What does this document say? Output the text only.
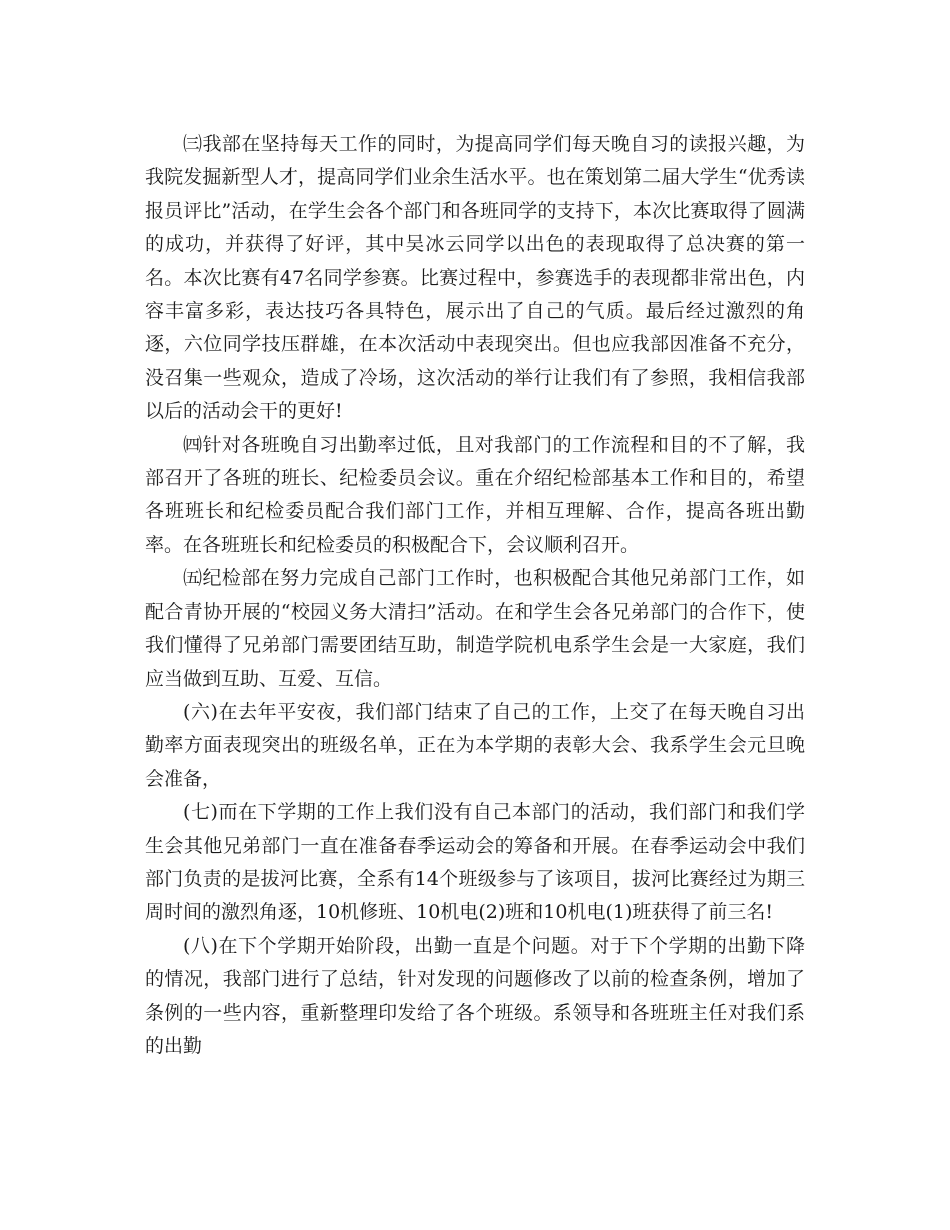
㈢我部在坚持每天工作的同时，为提高同学们每天晚自习的读报兴趣，为我院发掘新型人才，提高同学们业余生活水平。也在策划第二届大学生“优秀读报员评比”活动，在学生会各个部门和各班同学的支持下，本次比赛取得了圆满的成功，并获得了好评，其中吴冰云同学以出色的表现取得了总决赛的第一名。本次比赛有47名同学参赛。比赛过程中，参赛选手的表现都非常出色，内容丰富多彩，表达技巧各具特色，展示出了自己的气质。最后经过激烈的角逐，六位同学技压群雄，在本次活动中表现突出。但也应我部因准备不充分，没召集一些观众，造成了冷场，这次活动的举行让我们有了参照，我相信我部以后的活动会干的更好!

㈣针对各班晚自习出勤率过低，且对我部门的工作流程和目的不了解，我部召开了各班的班长、纪检委员会议。重在介绍纪检部基本工作和目的，希望各班班长和纪检委员配合我们部门工作，并相互理解、合作，提高各班出勤率。在各班班长和纪检委员的积极配合下，会议顺利召开。

㈤纪检部在努力完成自己部门工作时，也积极配合其他兄弟部门工作，如配合青协开展的“校园义务大清扫”活动。在和学生会各兄弟部门的合作下，使我们懂得了兄弟部门需要团结互助，制造学院机电系学生会是一大家庭，我们应当做到互助、互爱、互信。

(六)在去年平安夜，我们部门结束了自己的工作，上交了在每天晚自习出勤率方面表现突出的班级名单，正在为本学期的表彰大会、我系学生会元旦晚会准备，

(七)而在下学期的工作上我们没有自己本部门的活动，我们部门和我们学生会其他兄弟部门一直在准备春季运动会的筹备和开展。在春季运动会中我们部门负责的是拔河比赛，全系有14个班级参与了该项目，拔河比赛经过为期三周时间的激烈角逐，10机修班、10机电(2)班和10机电(1)班获得了前三名!

(八)在下个学期开始阶段，出勤一直是个问题。对于下个学期的出勤下降的情况，我部门进行了总结，针对发现的问题修改了以前的检查条例，增加了条例的一些内容，重新整理印发给了各个班级。系领导和各班班主任对我们系的出勤
